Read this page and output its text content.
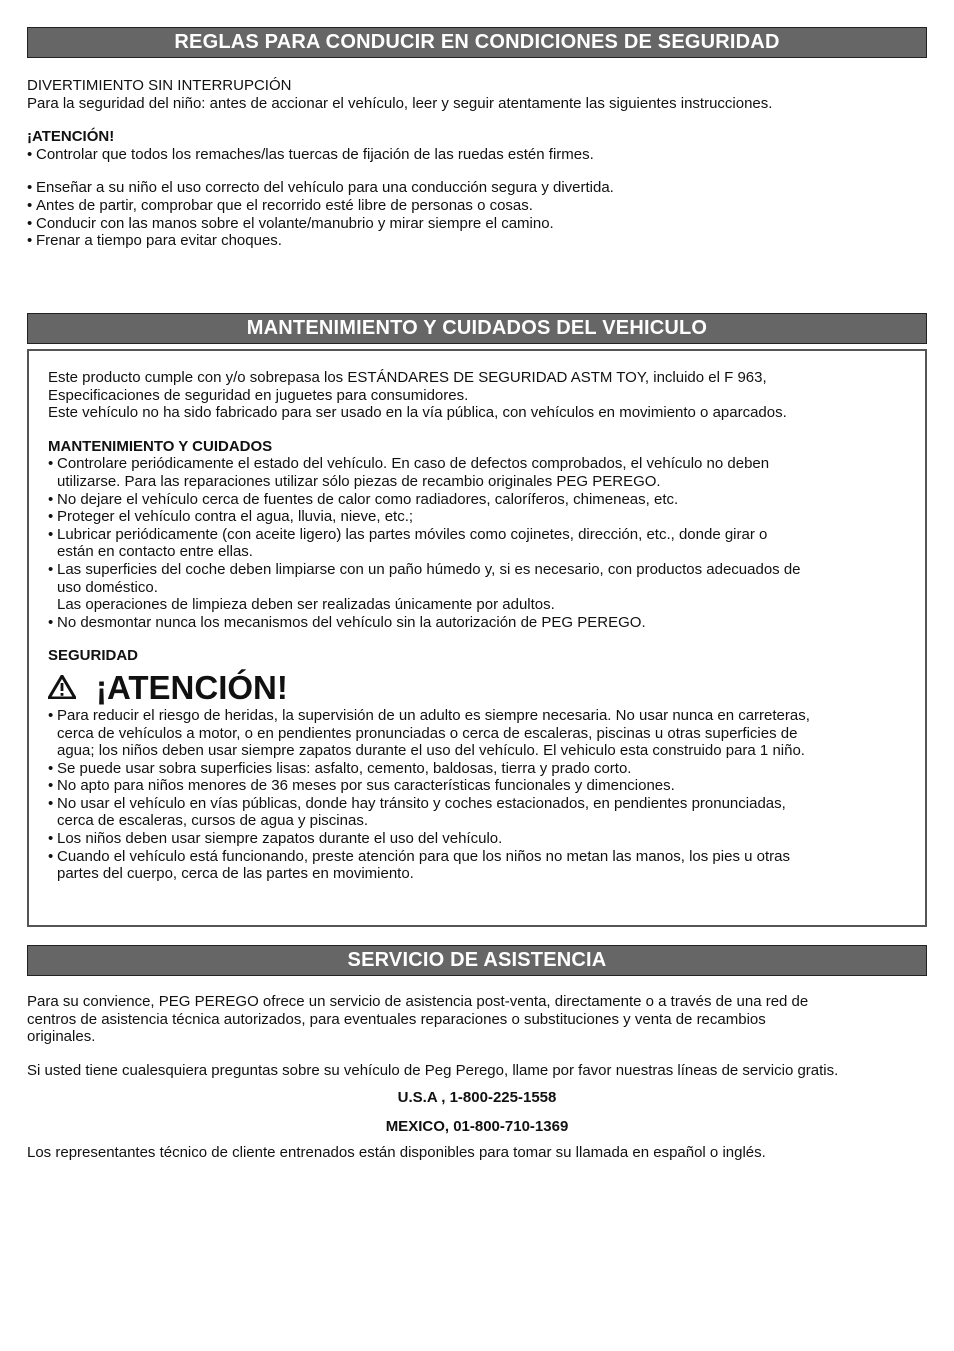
REGLAS PARA CONDUCIR EN CONDICIONES DE SEGURIDAD
DIVERTIMIENTO SIN INTERRUPCIÓN
Para la seguridad del niño: antes de accionar el vehículo, leer y seguir atentamente las siguientes instrucciones.
¡ATENCIÓN!
• Controlar que todos los remaches/las tuercas de fijación de las ruedas estén firmes.
• Enseñar a su niño el uso correcto del vehículo para una conducción segura y divertida.
• Antes de partir, comprobar que el recorrido esté libre de personas o cosas.
• Conducir con las manos sobre el volante/manubrio y mirar siempre el camino.
• Frenar a tiempo para evitar choques.
MANTENIMIENTO Y CUIDADOS DEL VEHICULO
Este producto cumple con y/o sobrepasa los ESTÁNDARES DE SEGURIDAD ASTM TOY, incluido el F 963,
Especificaciones de seguridad en juguetes para consumidores.
Este vehículo no ha sido fabricado para ser usado en la vía pública, con vehículos en movimiento o aparcados.
MANTENIMIENTO Y CUIDADOS
• Controlare periódicamente el estado del vehículo. En caso de defectos comprobados, el vehículo no deben
utilizarse. Para las reparaciones utilizar sólo piezas de recambio originales PEG PEREGO.
• No dejare el vehículo cerca de fuentes de calor como radiadores, caloríferos, chimeneas, etc.
• Proteger el vehículo contra el agua, lluvia, nieve, etc.;
• Lubricar periódicamente (con aceite ligero) las partes móviles como cojinetes, dirección, etc., donde girar o
están en contacto entre ellas.
• Las superficies del coche deben limpiarse con un paño húmedo y, si es necesario, con productos adecuados de
uso doméstico.
Las operaciones de limpieza deben ser realizadas únicamente por adultos.
• No desmontar nunca los mecanismos del vehículo sin la autorización de PEG PEREGO.
SEGURIDAD
¡ATENCIÓN!
• Para reducir el riesgo de heridas, la supervisión de un adulto es siempre necesaria. No usar nunca en carreteras,
cerca de vehículos a motor, o en pendientes pronunciadas o cerca de escaleras, piscinas u otras superficies de
agua; los niños deben usar siempre zapatos durante el uso del vehículo. El vehiculo esta construido para 1 niño.
• Se puede usar sobra superficies lisas: asfalto, cemento, baldosas, tierra y prado corto.
• No apto para niños menores de 36 meses por sus características funcionales y dimenciones.
• No usar el vehículo en vías públicas, donde hay tránsito y coches estacionados, en pendientes pronunciadas,
cerca de escaleras, cursos de agua y piscinas.
• Los niños deben usar siempre zapatos durante el uso del vehículo.
• Cuando el vehículo está funcionando, preste atención para que los niños no metan las manos, los pies u otras
partes del cuerpo, cerca de las partes en movimiento.
SERVICIO DE ASISTENCIA
Para su convience, PEG PEREGO ofrece un servicio de asistencia post-venta, directamente o a través de una red de
centros de asistencia técnica autorizados, para eventuales reparaciones o substituciones y venta de recambios
originales.
Si usted tiene cualesquiera preguntas sobre su vehículo de Peg Perego, llame por favor nuestras líneas de servicio gratis.
U.S.A , 1-800-225-1558
MEXICO, 01-800-710-1369
Los representantes técnico de cliente entrenados están disponibles para tomar su llamada en español o inglés.
